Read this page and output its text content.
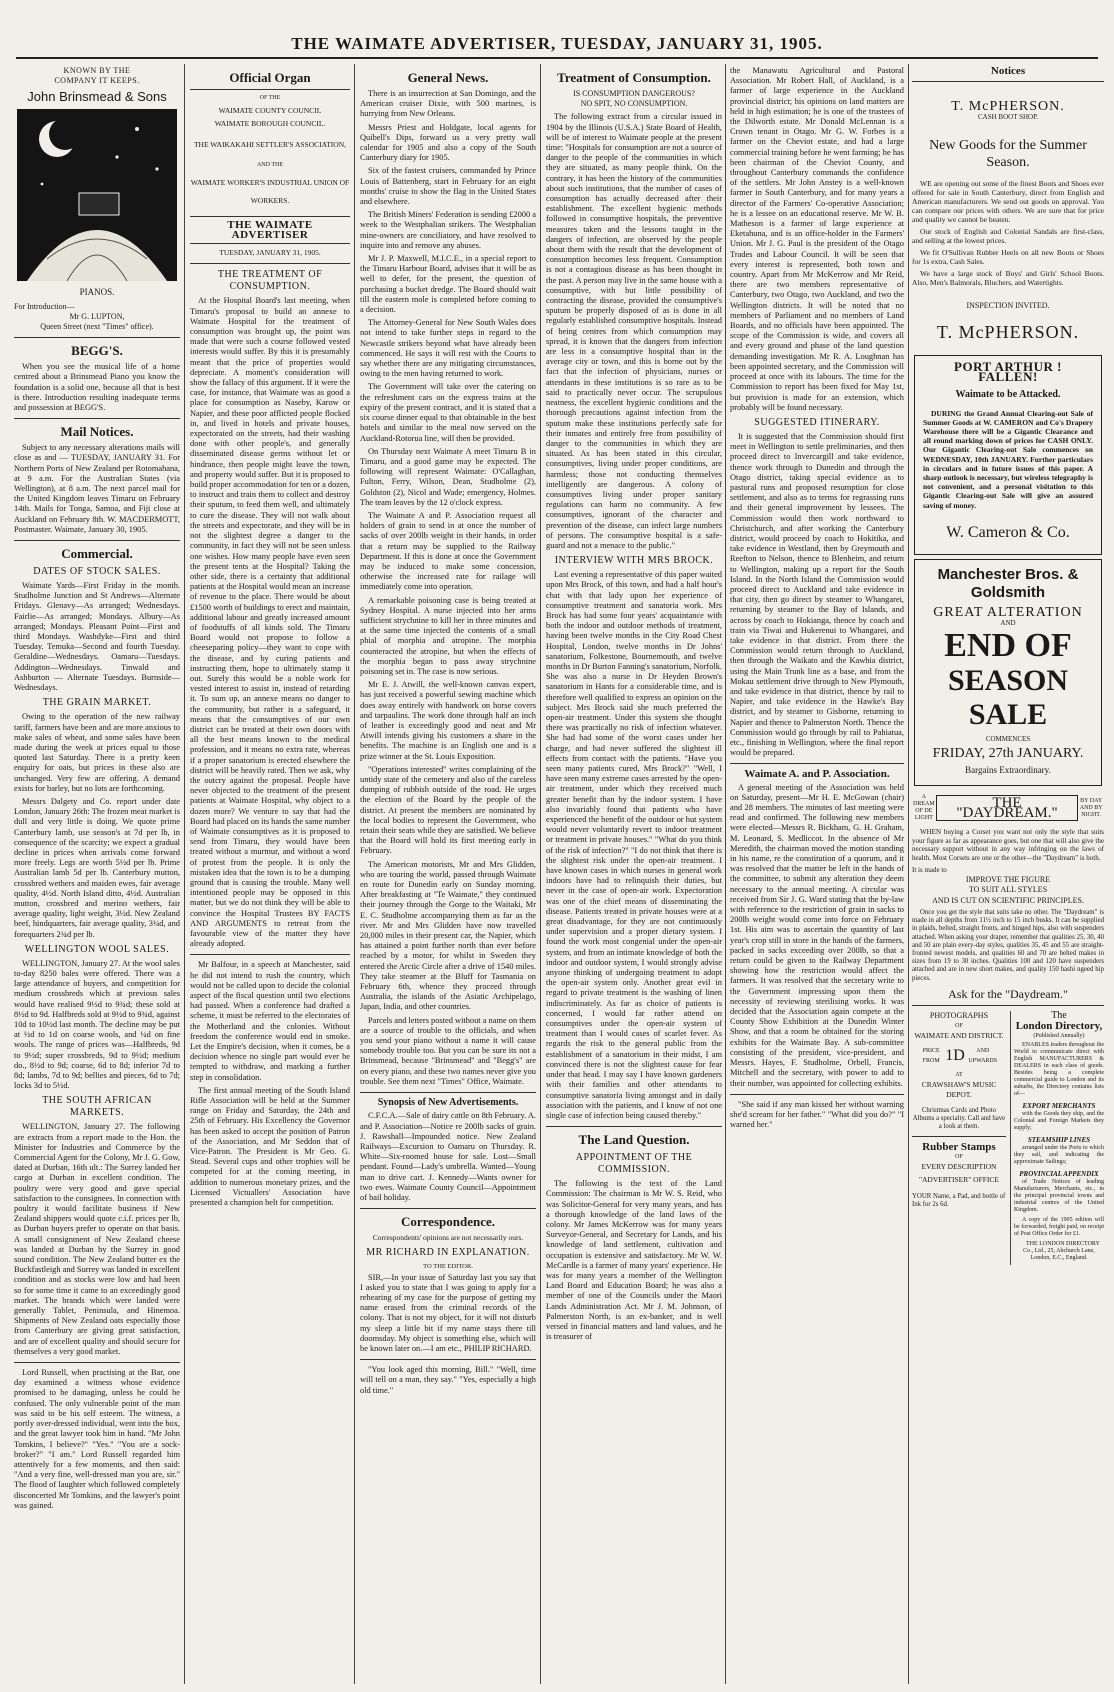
THE WAIMATE ADVERTISER, TUESDAY, JANUARY 31, 1905.
KNOWN BY THE
COMPANY IT KEEPS.
John Brinsmead & Sons
PIANOS.
For Introduction—
Mr G. LUPTON,
Queen Street (next "Times" office).
BEGG'S.

When you see the musical life of a home centred about a Brinsmead Piano you know the foundation is a solid one, because all that is best is there. Introduction resulting inadequate terms and possession at BEGG'S.

Mail Notices.

Subject to any necessary alterations mails will close as and — TUESDAY, JANUARY 31. For Northern Ports of New Zealand per Rotomahana, at 9 a.m. For the Australian States (via Wellington), at 8 a.m. The next parcel mail for the United Kingdom leaves Timaru on February 14th. Mails for Tonga, Samoa, and Fiji close at Auckland on February 8th. W. MACDERMOTT, Postmaster. Waimate, January 30, 1905.

Commercial.
DATES OF STOCK SALES.

Waimate Yards—First Friday in the month. Studholme Junction and St Andrews—Alternate Fridays. Glenavy—As arranged; Wednesdays. Fairlie—As arranged; Mondays. Albury—As arranged; Mondays. Pleasant Point—First and third Mondays. Washdyke—First and third Tuesday. Temuka—Second and fourth Tuesday. Geraldine—Wednesdays. Oamaru—Tuesdays. Addington—Wednesdays. Tinwald and Ashburton — Alternate Tuesdays. Burnside—Wednesdays.

THE GRAIN MARKET.

Owing to the operation of the new railway tariff, farmers have been and are more anxious to make sales of wheat, and some sales have been made during the week at prices equal to those quoted last Saturday. There is a pretty keen enquiry for oats, but prices in these also are unchanged. Very few are offering. A demand exists for barley, but no lots are forthcoming.

Messrs Dalgety and Co. report under date London, January 26th: The frozen meat market is dull and very little is doing. We quote prime Canterbury lamb, use season's at 7d per lb, in consequence of the scarcity; we expect a gradual decline in prices when arrivals come forward more freely. Legs are worth 5½d per lb. Prime Australian lamb 5d per lb. Canterbury mutton, crossbred wethers and maiden ewes, fair average quality, 4½d. North Island ditto, 4½d. Australian mutton, crossbred and merino wethers, fair average quality, light weight, 3½d. New Zealand beef, hindquarters, fair average quality, 3¼d, and forequarters 2¾d per lb.

WELLINGTON WOOL SALES.

WELLINGTON, January 27. At the wool sales to-day 8250 bales were offered. There was a large attendance of buyers, and competition for medium crossbreds which at previous sales would have realised 9½d to 9¾d; these sold at 8½d to 9d. Halfbreds sold at 9½d to 9¾d, against 10d to 10½d last month. The decline may be put at ½d to 1d on coarse wools, and ¼d on fine wools. The range of prices was—Halfbreds, 9d to 9½d; super crossbreds, 9d to 9½d; medium do., 8½d to 9d; coarse, 6d to 8d; inferior 7d to 8d; lambs, 7d to 9d; bellies and pieces, 6d to 7d; locks 3d to 5½d.

THE SOUTH AFRICAN MARKETS.

WELLINGTON, January 27. The following are extracts from a report made to the Hon. the Minister for Industries and Commerce by the Commercial Agent for the Colony, Mr J. G. Gow, dated at Durban, 16th ult.: The Surrey landed her cargo at Durban in excellent condition. The poultry were very good and gave special satisfaction to the consignees. In connection with poultry it would facilitate business if New Zealand shippers would quote c.i.f. prices per lb, as Durban buyers prefer to operate on that basis. A small consignment of New Zealand cheese was landed at Durban by the Surrey in good sound condition. The New Zealand butter ex the Buckfastleigh and Surrey was landed in excellent condition and as stocks were low and had been so for some time it came to an exceedingly good market. The brands which were landed were generally Tablet, Peninsula, and Hinemoa. Shipments of New Zealand oats especially those from Canterbury are giving great satisfaction, and are of excellent quality and should secure for themselves a very good market.

Lord Russell, when practising at the Bar, one day examined a witness whose evidence promised to be damaging, unless he could be confused. The only vulnerable point of the man was said to be his self esteem. The witness, a portly over-dressed individual, went into the box, and the great lawyer took him in hand. "Mr John Tomkins, I believe?" "Yes." "You are a sock-broker?" "I am." Lord Russell regarded him attentively for a few moments, and then said: "And a very fine, well-dressed man you are, sir." The flood of laughter which followed completely disconcerted Mr Tomkins, and the lawyer's point was gained.

Official Organ
OF THE
WAIMATE COUNTY COUNCIL
WAIMATE BOROUGH COUNCIL.
THE WAIKAKAHI SETTLER'S ASSOCIATION,
AND THE
WAIMATE WORKER'S INDUSTRIAL UNION OF WORKERS.
THE WAIMATE ADVERTISER
TUESDAY, JANUARY 31, 1905.
THE TREATMENT OF CONSUMPTION.

At the Hospital Board's last meeting, when Timaru's proposal to build an annexe to Waimate Hospital for the treatment of consumption was brought up, the point was made that were such a course followed vested interests would suffer. By this it is presumably meant that the price of properties would depreciate. A moment's consideration will show the fallacy of this argument. If it were the case, for instance, that Waimate was as good a place for consumption as Naseby, Karow or Napier, and these poor afflicted people flocked in, and lived in hotels and private houses, expectorated on the streets, had their washing done with other people's, and generally disseminated disease germs without let or hindrance, then people might leave the town, and property would suffer. But it is proposed to build proper accommodation for ten or a dozen, to instruct and train them to collect and destroy their sputum, to feed them well, and ultimately to cure the disease. They will not walk about the streets and expectorate, and they will be in not the slightest degree a danger to the community, in fact they will not be seen unless one wishes. How many people have even seen the present tents at the Hospital? Taking the other side, there is a certainty that additional patients at the Hospital would mean an increase of revenue to the place. There would be about £1500 worth of buildings to erect and maintain, additional labour and greatly increased amount of foodstuffs of all kinds sold. The Timaru Board would not propose to follow a cheeseparing policy—they want to cope with the disease, and by curing patients and instructing them, hope to ultimately stamp it out. Surely this would be a noble work for vested interest to assist in, instead of retarding it. To sum up, an annexe means no danger to the community, but rather is a safeguard, it means that the consumptives of our own district can be treated at their own doors with all the best means known to the medical profession, and it means no extra rate, whereas if a proper sanatorium is erected elsewhere the district will be heavily rated. Then we ask, why the outcry against the proposal. People have never objected to the treatment of the present patients at Waimate Hospital, why object to a dozen more? We venture to say that had the Board had placed on its hands the same number of Waimate consumptives as it is proposed to send from Timaru, they would have been treated without a murmur, and without a word of protest from the people. It is only the mistaken idea that the town is to be a dumping ground that is causing the trouble. Many well intentioned people may be opposed in this matter, but we do not think they will be able to convince the Hospital Trustees BY FACTS AND ARGUMENTS to retreat from the favourable view of the matter they have already adopted.

Mr Balfour, in a speech at Manchester, said he did not intend to rush the country, which would not be called upon to decide the colonial aspect of the fiscal question until two elections had passed. When a conference had drafted a scheme, it must be referred to the electorates of the Motherland and the colonies. Without freedom the conference would end in smoke. Let the Empire's decision, when it comes, be a decision whence no single part would ever be tempted to withdraw, and marking a further step in consolidation.

The first annual meeting of the South Island Rifle Association will be held at the Summer range on Friday and Saturday, the 24th and 25th of February. His Excellency the Governor has been asked to accept the position of Patron of the Association, and Mr Seddon that of Vice-Patron. The President is Mr Geo. G. Stead. Several cups and other trophies will be competed for at the coming meeting, in addition to numerous monetary prizes, and the Licensed Victuallers' Association have presented a champion belt for competition.

General News.

There is an insurrection at San Domingo, and the American cruiser Dixie, with 500 marines, is hurrying from New Orleans.

Messrs Priest and Holdgate, local agents for Quibell's Dips, forward us a very pretty wall calendar for 1905 and also a copy of the South Canterbury diary for 1905.

Six of the fastest cruisers, commanded by Prince Louis of Battenberg, start in February for an eight months' cruise to show the flag in the United States and elsewhere.

The British Miners' Federation is sending £2000 a week to the Westphalian strikers. The Westphalian mine-owners are conciliatory, and have resolved to inquire into and remove any abuses.

Mr J. P. Maxwell, M.I.C.E., in a special report to the Timaru Harbour Board, advises that it will be as well to defer, for the present, the question of purchasing a bucket dredge. The Board should wait till the eastern mole is completed before coming to a decision.

The Attorney-General for New South Wales does not intend to take further steps in regard to the Newcastle strikers beyond what have already been commenced. He says it will rest with the Courts to say whether there are any mitigating circumstances, owing to the men having returned to work.

The Government will take over the catering on the refreshment cars on the express trains at the expiry of the present contract, and it is stated that a six course dinner equal to that obtainable in the best hotels and similar to the meal now served on the Auckland-Rotorua line, will then be provided.

On Thursday next Waimate A meet Timaru B in Timaru, and a good game may be expected. The following will represent Waimate: O'Callaghan, Fulton, Ferry, Wilson, Dean, Studholme (2), Goldston (2), Nicol and Wade; emergency, Holmes. The team leaves by the 12 o'clock express.

The Waimate A and P. Association request all holders of grain to send in at once the number of sacks of over 200lb weight in their hands, in order that a return may be supplied to the Railway Department. If this is done at once the Government may be induced to make some concession, otherwise the increased rate for railage will immediately come into operation.

A remarkable poisoning case is being treated at Sydney Hospital. A nurse injected into her arms sufficient strychnine to kill her in three minutes and at the same time injected the contents of a small phial of morphia and atropine. The morphia counteracted the atropine, but when the effects of the morphia began to pass away strychnine poisoning set in. The case is now serious.

Mr E. J. Atwill, the well-known canvas expert, has just received a powerful sewing machine which does away entirely with handwork on horse covers and tarpaulins. The work done through half an inch of leather is exceedingly good and neat and Mr Atwill intends giving his customers a share in the benefits. The machine is an English one and is a prize winner at the St. Louis Exposition.

"Operations interested" writes complaining of the untidy state of the cemetery and also of the careless dumping of rubbish outside of the road. He urges the election of the Board by the people of the district. At present the members are nominated by the local bodies to represent the Government, who retain their seats while they are satisfied. We believe that the Board will hold its first meeting early in February.

The American motorists, Mr and Mrs Glidden, who are touring the world, passed through Waimate en route for Dunedin early on Sunday morning. After breakfasting at "Te Waimate," they continued their journey through the Gorge to the Waitaki, Mr E. C. Studholme accompanying them as far as the river. Mr and Mrs Glidden have now travelled 20,000 miles in their present car, the Napier, which has attained a point further north than ever before reached by a motor, for whilst in Sweden they entered the Arctic Circle after a drive of 1540 miles. They take steamer at the Bluff for Tasmania on February 6th, whence they proceed through Australia, the islands of the Asiatic Archipelago, Japan, India, and other countries.

Parcels and letters posted without a name on them are a source of trouble to the officials, and when you send your piano without a name it will cause somebody trouble too. But you can be sure its not a Brinsmead, because "Brinsmead" and "Begg's" are on every piano, and these two names never give you trouble. See them next "Times" Office, Waimate.

Synopsis of New Advertisements.

C.F.C.A.—Sale of dairy cattle on 8th February. A. and P. Association—Notice re 200lb sacks of grain. J. Rawshall—Impounded notice. New Zealand Railways—Excursion to Oamaru on Thursday. R. White—Six-roomed house for sale. Lost—Small pendant. Found—Lady's umbrella. Wanted—Young man to drive cart. J. Kennedy—Wants owner for two ewes. Waimate County Council—Appointment of bail holiday.

Correspondence.
Correspondents' opinions are not necessarily ours.
MR RICHARD IN EXPLANATION.
TO THE EDITOR.

SIR,—In your issue of Saturday last you say that I asked you to state that I was going to apply for a rehearing of my case for the purpose of getting my name erased from the criminal records of the colony. That is not my object, for it will not disturb my sleep a little bit if my name stays there till doomsday. My object is something else, which will be known later on.—I am etc., PHILIP RICHARD.

"You look aged this morning, Bill." "Well, time will tell on a man, they say." "Yes, especially a high old time."

Treatment of Consumption.
IS CONSUMPTION DANGEROUS?
NO SPIT, NO CONSUMPTION.

The following extract from a circular issued in 1904 by the Illinois (U.S.A.) State Board of Health, will be of interest to Waimate people at the present time: "Hospitals for consumption are not a source of danger to the people of the communities in which they are situated, as many people think. On the contrary, it has been the history of the communities about such institutions, that the number of cases of consumption has actually decreased after their establishment. The excellent hygienic methods followed in consumptive hospitals, the preventive measures taken and the lessons taught in the dangers of infection, are observed by the people about them with the result that the development of consumption becomes less frequent. Consumption is not a contagious disease as has been thought in the past. A person may live in the same house with a consumptive, with but little possibility of contracting the disease, provided the consumptive's sputum be properly disposed of as is done in all regularly established consumptive hospitals. Instead of being centres from which consumption may spread, it is known that the dangers from infection are less in a consumptive hospital than in the average city or town, and this is borne out by the fact that the infection of physicians, nurses or attendants in these institutions is so rare as to be said to practically never occur. The scrupulous neatness, the excellent hygienic conditions and the thorough precautions against infection from the sputum make these institutions perfectly safe for their inmates and entirely free from possibility of danger to the communities in which they are situated. As has been stated in this circular, consumptives, living under proper conditions, are harmless; those not conducting themselves intelligently are dangerous. A colony of consumptives living under proper sanitary regulations can harm no community. A few consumptives, ignorant of the character and prevention of the disease, can infect large numbers of persons. The consumptive hospital is a safe-guard and not a menace to the public."

INTERVIEW WITH MRS BROCK.

Last evening a representative of this paper waited upon Mrs Brock, of this town, and had a half hour's chat with that lady upon her experience of consumptive treatment and sanatoria work. Mrs Brock has had some four years' acquaintance with both the indoor and outdoor methods of treatment, having been twelve months in the City Road Chest Hospital, London, twelve months in Dr Johns' sanatorium, Folkestone, Bournemouth, and twelve months in Dr Burton Fanning's sanatorium, Norfolk. She was also a nurse in Dr Heyden Brown's sanatorium in Hants for a considerable time, and is therefore well qualified to express an opinion on the subject. Mrs Brock said she much preferred the open-air treatment. Under this system she thought there was practically no risk of infection whatever. She had had some of the worst cases under her charge, and had never suffered the slightest ill effects from contact with the patients. "Have you seen many patients cured, Mrs Brock?" "Well, I have seen many extreme cases arrested by the open-air treatment, under which they received much greater benefit than by the indoor system. I have also invariably found that patients who have experienced the benefit of the outdoor or hut system would never voluntarily revert to indoor treatment or treatment in private houses." "What do you think of the risk of infection?" "I do not think that there is the slightest risk under the open-air treatment. I have known cases in which nurses in general work indoors have had to relinquish their duties, but never in the case of open-air work. Expectoration was one of the chief means of disseminating the disease. Patients treated in private houses were at a great disadvantage, for they are not continuously under supervision and a proper dietary system. I found the work most congenial under the open-air system, and from an intimate knowledge of both the indoor and outdoor system, I would strongly advise anyone thinking of undergoing treatment to adopt the open-air system only. Another great evil in regard to private treatment is the washing of linen indiscriminately. As far as choice of patients is concerned, I would far rather attend on consumptives under the open-air system of treatment than I would cases of scarlet fever. As regards the risk to the general public from the establishment of a sanatorium in their midst, I am convinced there is not the slightest cause for fear under that head. I may say I have known gardeners with their families and other attendants to consumptive sanatoria living amongst and in daily association with the patients, and I know of not one single case of infection being caused thereby."

The Land Question.
APPOINTMENT OF THE COMMISSION.

The following is the text of the Land Commission: The chairman is Mr W. S. Reid, who was Solicitor-General for very many years, and has a thorough knowledge of the land laws of the colony. Mr James McKerrow was for many years Surveyor-General, and Secretary for Lands, and his knowledge of land settlement, cultivation and occupation is extensive and satisfactory. Mr W. W. McCardle is a farmer of many years' experience. He was for many years a member of the Wellington Land Board and Education Board; he was also a member of one of the Councils under the Maori Lands Administration Act. Mr J. M. Johnson, of Palmerston North, is an ex-banker, and is well versed in financial matters and land values, and he is treasurer of

the Manawatu Agricultural and Pastoral Association. Mr Robert Hall, of Auckland, is a farmer of large experience in the Auckland provincial district; his opinions on land matters are held in high estimation; he is one of the trustees of the Dilworth estate. Mr Donald McLennan is a Crown tenant in Otago. Mr G. W. Forbes is a farmer on the Cheviot estate, and had a large commercial training before he went farming; he has been chairman of the Cheviot County, and throughout Canterbury commands the confidence of the settlers. Mr John Anstey is a well-known farmer in South Canterbury, and for many years a director of the Farmers' Co-operative Association; he is a lessee on an educational reserve. Mr W. B. Matheson is a farmer of large experience at Eketahuna, and is an office-holder in the Farmers' Union. Mr J. G. Paul is the president of the Otago Trades and Labour Council. It will be seen that every interest is represented, both town and country. Apart from Mr McKerrow and Mr Reid, there are two members representative of Canterbury, two Otago, two Auckland, and two the Wellington districts. It will be noted that no members of Parliament and no members of Land Boards, and no officials have been appointed. The scope of the Commission is wide, and covers all and every ground and phase of the land question demanding investigation. Mr R. A. Loughnan has been appointed secretary, and the Commission will proceed at once with its labours. The time for the Commission to report has been fixed for May 1st, but provision is made for an extension, which probably will be found necessary.

SUGGESTED ITINERARY.

It is suggested that the Commission should first meet in Wellington to settle preliminaries, and then proceed direct to Invercargill and take evidence, thence work through to Dunedin and through the Otago district, taking special evidence as to pastoral runs and proposed resumption for close settlement, and also as to terms for regrassing runs and their general improvement by lessees. The Commission would then work northward to Christchurch, and after working the Canterbury district, would proceed by coach to Hokitika, and take evidence in Westland, then by Greymouth and Reefton to Nelson, thence to Blenheim, and return to Wellington, making up a report for the South Island. In the North Island the Commission would proceed direct to Auckland and take evidence in that city, then go direct by steamer to Whangarei, returning by steamer to the Bay of Islands, and across by coach to Hokianga, thence by coach and train via Tiwai and Hukerenui to Whangarei, and take evidence in that district. From there the Commission would return through to Auckland, then through the Waikato and the Kawhia district, using the Main Trunk line as a base, and from the Mokau settlement drive through to New Plymouth, and take evidence in that district, thence by rail to Napier, and take evidence in the Hawke's Bay district, and by steamer to Gisborne, returning to Napier and thence to Palmerston North. Thence the Commission would go through by rail to Pahiatua, etc., finishing in Wellington, where the final report would be prepared.

Waimate A. and P. Association.

A general meeting of the Association was held on Saturday, present—Mr H. E. McGowan (chair) and 28 members. The minutes of last meeting were read and confirmed. The following new members were elected—Messrs R. Bickham, G. H. Graham, M. Leonard, S. Medliccot. In the absence of Mr Meredith, the chairman moved the motion standing in his name, re the constitution of a quorum, and it was resolved that the matter be left in the hands of the committee, to submit any alteration they deem necessary to the annual meeting. A circular was received from Sir J. G. Ward stating that the by-law with reference to the restriction of grain in sacks to 200lb weight would come into force on February 1st. His aim was to ascertain the quantity of last year's crop still in store in the hands of the farmers, packed in sacks exceeding over 200lb, so that a return could be given to the Railway Department showing how the restriction would affect the farmers. It was resolved that the secretary write to the Government impressing upon them the necessity of reviewing sterilising works. It was decided that the Association again compete at the County Show Exhibition at the Dunedin Winter Show, and that a room be obtained for the storing exhibits for the Waimate Bay. A sub-committee consisting of the president, vice-president, and Messrs. Hayes, F. Studholme, Orbell, Francis, Mitchell and the secretary, with power to add to their number, was appointed for collecting exhibits.

"She said if any man kissed her without warning she'd scream for her father." "What did you do?" "I warned her."

Notices
T. McPHERSON.
CASH BOOT SHOP.
New Goods for the Summer Season.

WE are opening out some of the finest Boots and Shoes ever offered for sale in South Canterbury, direct from English and American manufacturers. We send out goods on approval. You can compare our prices with others. We are sure that for price and quality we cannot be beaten.

Our stock of English and Colonial Sandals are first-class, and selling at the lowest prices.

We fit O'Sullivan Rubber Heels on all new Boots or Shoes for 1s extra, Cash Sales.

We have a large stock of Boys' and Girls' School Boots. Also, Men's Balmorals, Bluchers, and Watertights.

INSPECTION INVITED.
T. McPHERSON.
PORT ARTHUR ! FALLEN!
Waimate to be Attacked.

DURING the Grand Annual Clearing-out Sale of Summer Goods at W. CAMERON and Co's Drapery Warehouse there will be a Gigantic Clearance and all round marking down of prices for CASH ONLY. Our Gigantic Clearing-out Sale commences on WEDNESDAY, 10th JANUARY. Further particulars in circulars and in future issues of this paper. A sharp outlook is necessary, but wireless telegraphy is not convenient, and a personal visitation to this Gigantic Clearing-out Sale will give an assured saving of money.

W. Cameron & Co.
Manchester Bros. & Goldsmith
GREAT ALTERATION
AND
END OF
SEASON SALE
COMMENCES
FRIDAY, 27th JANUARY.
Bargains Extraordinary.
A DREAM OF DE LIGHT
THE "DAYDREAM."
BY DAY AND BY NIGHT.

WHEN buying a Corset you want not only the style that suits your figure as far as appearance goes, but one that will also give the necessary support without in any way infringing on the laws of health. Most Corsets are one or the other—the "Daydream" is both.

It is made to
IMPROVE THE FIGURE
TO SUIT ALL STYLES
AND IS CUT ON SCIENTIFIC PRINCIPLES.

Once you get the style that suits take no other. The "Daydream" is made in all depths from 11½ inch to 15 inch busks. It can be supplied in plaids, belted, straight fronts, and hinged hips, also with suspenders attached. When asking your draper, remember that qualities 25, 30, 40 and 50 are plain every-day styles, qualities 35, 45 and 55 are straight-fronted newest models, and qualities 60 and 70 are belted makes in sizes from 19 to 30 inches. Qualities 100 and 120 have suspenders attached and are in new short makes, and quality 150 hashi ngeed hip pieces.

Ask for the "Daydream."
PHOTOGRAPHS
OF
WAIMATE AND DISTRICT.
PRICE FROM 1D	AND UPWARDS
AT
CRAWSHAW'S MUSIC DEPOT.
Christmas Cards and Photo Albums a specialty. Call and have a look at them.
Rubber Stamps
OF
EVERY DESCRIPTION
"ADVERTISER" OFFICE
YOUR Name, a Pad, and bottle of Ink for 2s 6d.
The
London Directory,
(Published Annually)

ENABLES traders throughout the World to communicate direct with English MANUFACTURERS & DEALERS in each class of goods. Besides being a complete commercial guide to London and its suburbs, the Directory contains lists of—

EXPORT MERCHANTS

with the Goods they ship, and the Colonial and Foreign Markets they supply;

STEAMSHIP LINES

arranged under the Ports to which they sail, and indicating the approximate Sailings;

PROVINCIAL APPENDIX

of Trade Notices of leading Manufacturers, Merchants, etc., in the principal provincial towns and industrial centres of the United Kingdom.

A copy of the 1905 edition will be forwarded, freight paid, on receipt of Post Office Order for £1.

THE LONDON DIRECTORY Co., Ltd., 25, Abchurch Lane, London, E.C., England.
